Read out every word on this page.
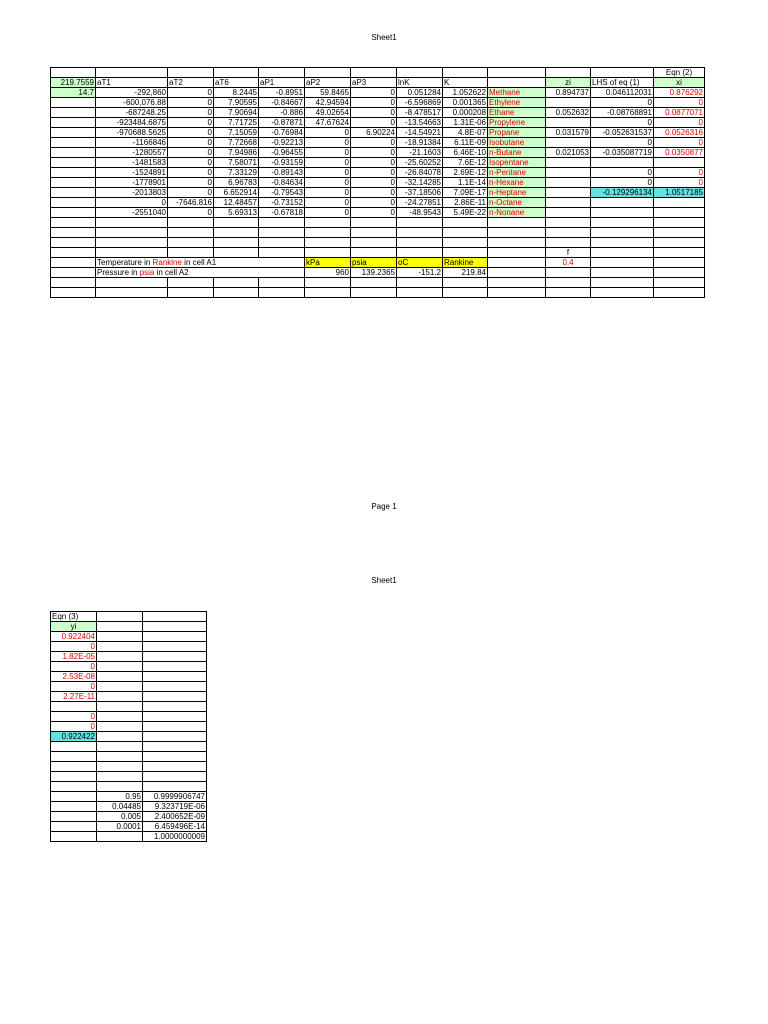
Sheet1
												Eqn (2)
219.7559	aT1	aT2	aT6	aP1	aP2	aP3	lnK	K		zi	LHS of eq (1)	xi
14.7	-292,860	0	8.2445	-0.8951	59.8465	0	0.051284	1.052622	Methane	0.894737	0.046112031	0.876292
	-600,076.88	0	7.90595	-0.84667	42.94594	0	-6.596869	0.001365	Ethylene		0	0
	-687248.25	0	7.90694	-0.886	49.02654	0	-8.478517	0.000208	Ethane	0.052632	-0.08768891	0.0877071
	-923484.6875	0	7.71725	-0.87871	47.67624	0	-13.54663	1.31E-06	Propylene		0	0
	-970688.5625	0	7.15059	-0.76984	0	6.90224	-14.54921	4.8E-07	Propane	0.031579	-0.052631537	0.0526316
	-1166846	0	7.72668	-0.92213	0	0	-18.91384	6.11E-09	Isobutane		0	0
	-1280557	0	7.94986	-0.96455	0	0	-21.1603	6.46E-10	n-Butane	0.021053	-0.035087719	0.0350877
	-1481583	0	7.58071	-0.93159	0	0	-25.60252	7.6E-12	Isopentane			
	-1524891	0	7.33129	-0.89143	0	0	-26.84078	2.69E-12	n-Pentane		0	0
	-1778901	0	6.96783	-0.84634	0	0	-32.14285	1.1E-14	n-Hexane		0	0
	-2013803	0	6.652914	-0.79543	0	0	-37.18506	7.09E-17	n-Heptane		-0.129296134	1.0517185
	0	-7646.816	12.48457	-0.73152	0	0	-24.27851	2.86E-11	n-Octane			
	-2551040	0	5.69313	-0.67818	0	0	-48.9543	5.49E-22	n-Nonane			

										f		
	Temperature in Rankine in cell A1				kPa	psia	oC	Rankine		0.4		
	Pressure in psia in cell A2				960	139.2365	-151.2	219.84				

Page 1
Sheet1
Eqn (3)		
yi		
0.922404		
0		
1.82E-05		
0		
2.53E-08		
0		
2.27E-11		

0		
0		
0.922422		

	0.95	0.9999906747
	0.04485	9.323719E-06
	0.005	2.400652E-09
	0.0001	6.459496E-14
		1.0000000009
